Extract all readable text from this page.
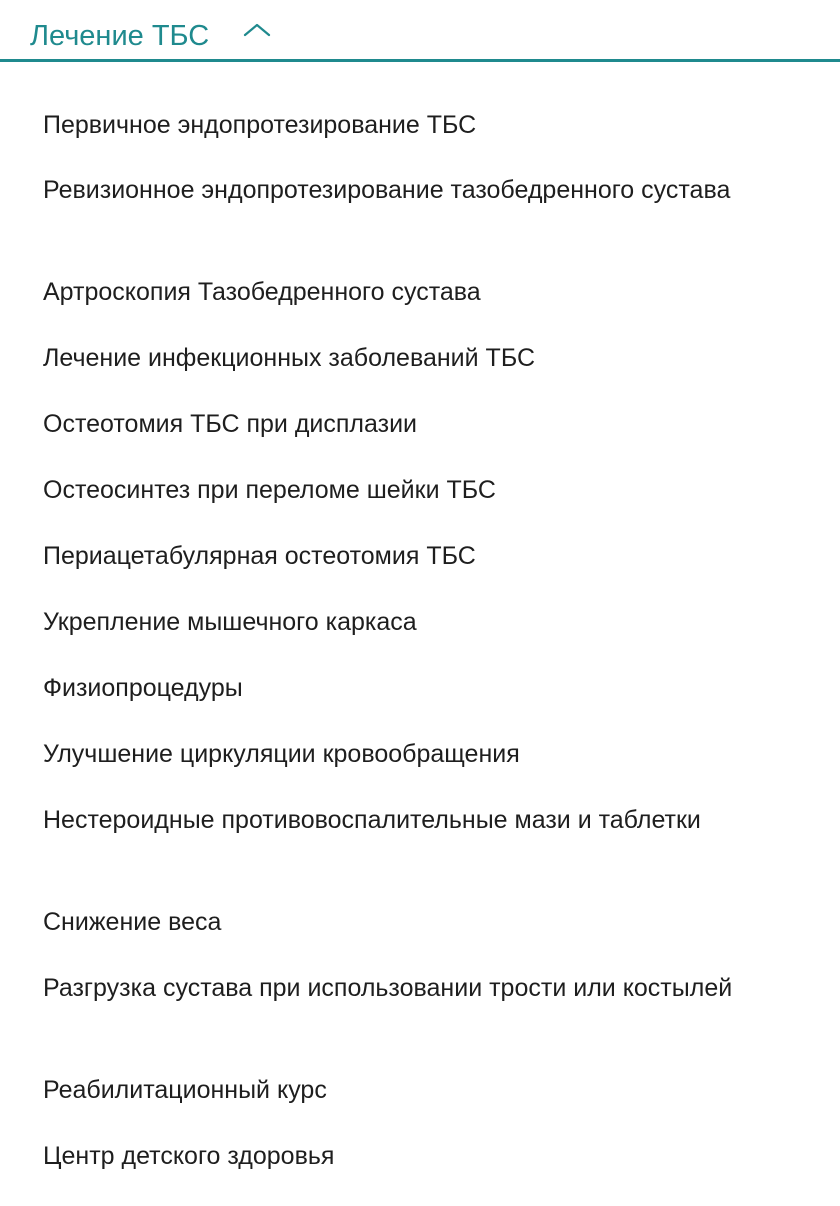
Лечение ТБС
Первичное эндопротезирование ТБС
Ревизионное эндопротезирование тазобедренного сустава
Артроскопия Тазобедренного сустава
Лечение инфекционных заболеваний ТБС
Остеотомия ТБС при дисплазии
Остеосинтез при переломе шейки ТБС
Периацетабулярная остеотомия ТБС
Укрепление мышечного каркаса
Физиопроцедуры
Улучшение циркуляции кровообращения
Нестероидные противовоспалительные мази и таблетки
Снижение веса
Разгрузка сустава при использовании трости или костылей
Реабилитационный курс
Центр детского здоровья
